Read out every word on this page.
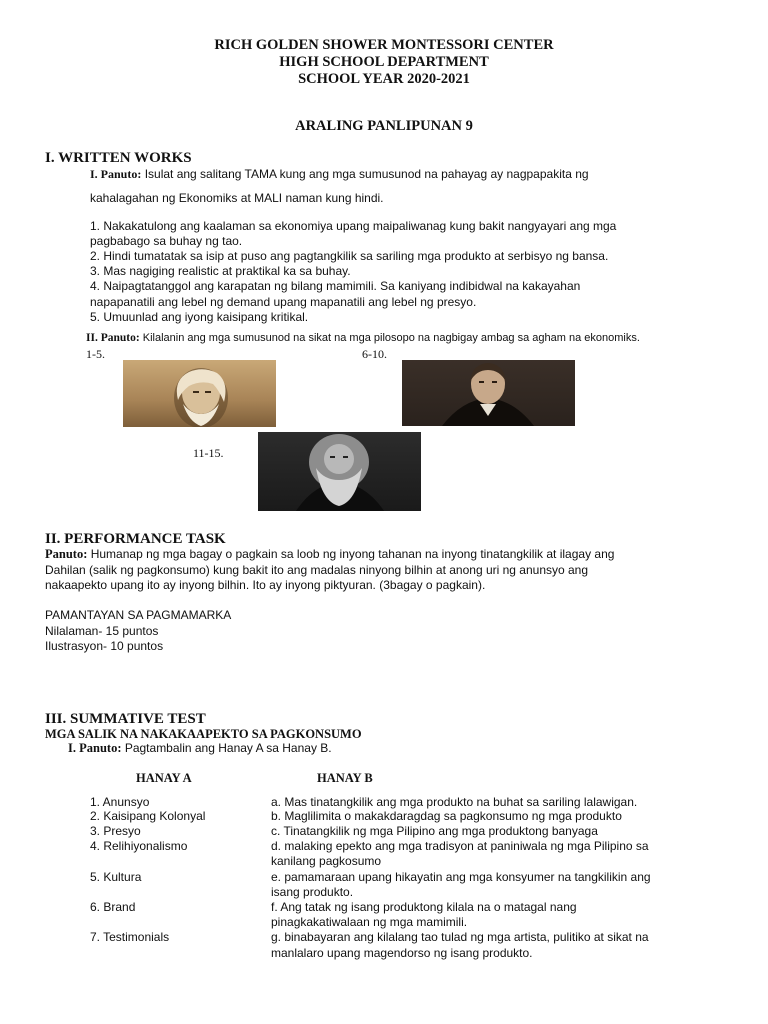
RICH GOLDEN SHOWER MONTESSORI CENTER
HIGH SCHOOL DEPARTMENT
SCHOOL YEAR 2020-2021
ARALING PANLIPUNAN 9
I. WRITTEN WORKS
I. Panuto: Isulat ang salitang TAMA kung ang mga sumusunod na pahayag ay nagpapakita ng
kahalagahan ng Ekonomiks at MALI naman kung hindi.
1. Nakakatulong ang kaalaman sa ekonomiya upang maipaliwanag kung bakit nangyayari ang mga
pagbabago sa buhay ng tao.
2. Hindi tumatatak sa isip at puso ang pagtangkilik sa sariling mga produkto at serbisyo ng bansa.
3. Mas nagiging realistic at praktikal ka sa buhay.
4. Naipagtatanggol ang karapatan ng bilang mamimili. Sa kaniyang indibidwal na kakayahan
napapanatili ang lebel ng demand upang mapanatili ang lebel ng presyo.
5. Umuunlad ang iyong kaisipang kritikal.
II. Panuto: Kilalanin ang mga sumusunod na sikat na mga pilosopo na nagbigay ambag sa agham na ekonomiks.
1-5.	6-10.
11-15.
II. PERFORMANCE TASK
Panuto: Humanap ng mga bagay o pagkain sa loob ng inyong tahanan na inyong tinatangkilik at ilagay ang
Dahilan (salik ng pagkonsumo) kung bakit ito ang madalas ninyong bilhin at anong uri ng anunsyo ang
nakaapekto upang ito ay inyong bilhin. Ito ay inyong piktyuran. (3bagay o pagkain).
PAMANTAYAN SA PAGMAMARKA
Nilalaman- 15 puntos
Ilustrasyon- 10 puntos
III. SUMMATIVE TEST
MGA SALIK NA NAKAKAAPEKTO SA PAGKONSUMO
I. Panuto: Pagtambalin ang Hanay A sa Hanay B.
HANAY A	HANAY B
1. Anunsyo
2. Kaisipang Kolonyal
3. Presyo
4. Relihiyonalismo
5. Kultura
6. Brand
7. Testimonials
a. Mas tinatangkilik ang mga produkto na buhat sa sariling lalawigan.
b. Maglilimita o makakdaragdag sa pagkonsumo ng mga produkto
c. Tinatangkilik ng mga Pilipino ang mga produktong banyaga
d. malaking epekto ang mga tradisyon at paniniwala ng mga Pilipino sa
kanilang pagkosumo
e. pamamaraan upang hikayatin ang mga konsyumer na tangkilikin ang
isang produkto.
f. Ang tatak ng isang produktong kilala na o matagal nang
pinagkakatiwalaan ng mga mamimili.
g. binabayaran ang kilalang tao tulad ng mga artista, pulitiko at sikat na
manlalaro upang magendorso ng isang produkto.
